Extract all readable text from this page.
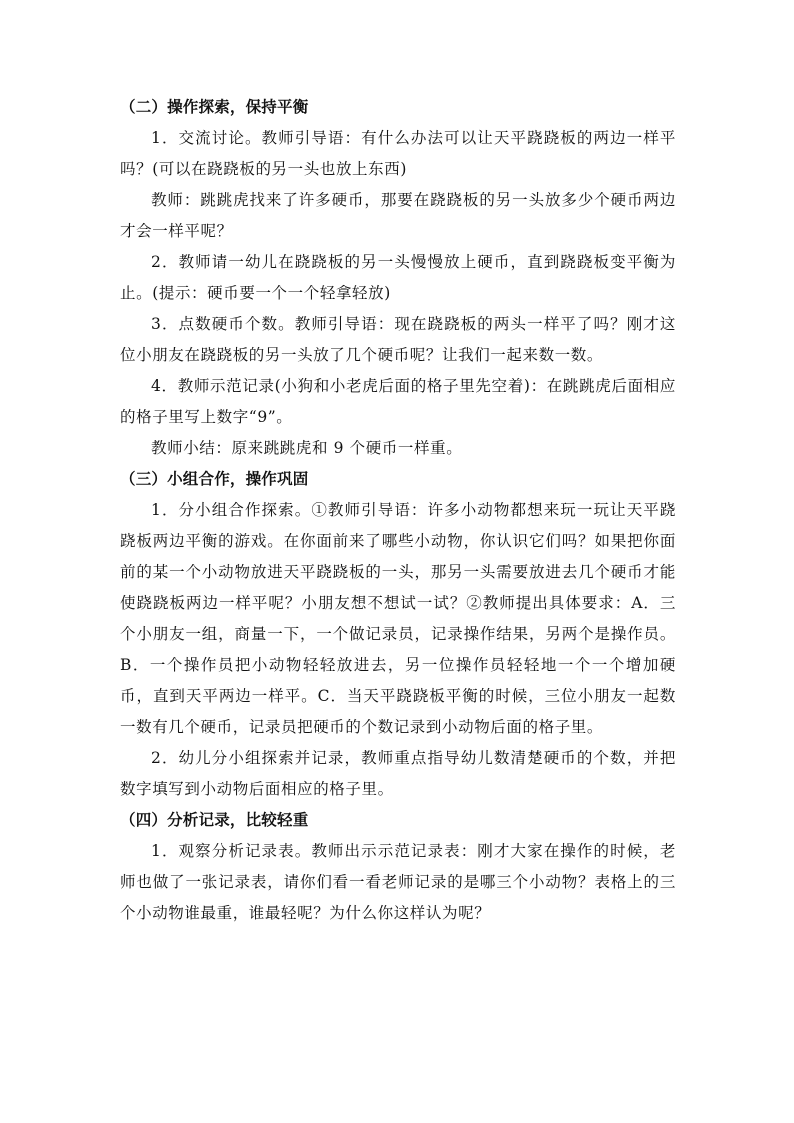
（二）操作探索，保持平衡

1．交流讨论。教师引导语：有什么办法可以让天平跷跷板的两边一样平吗？(可以在跷跷板的另一头也放上东西)

教师：跳跳虎找来了许多硬币，那要在跷跷板的另一头放多少个硬币两边才会一样平呢？

2．教师请一幼儿在跷跷板的另一头慢慢放上硬币，直到跷跷板变平衡为止。(提示：硬币要一个一个轻拿轻放)

3．点数硬币个数。教师引导语：现在跷跷板的两头一样平了吗？刚才这位小朋友在跷跷板的另一头放了几个硬币呢？让我们一起来数一数。

4．教师示范记录(小狗和小老虎后面的格子里先空着)：在跳跳虎后面相应的格子里写上数字“9”。

教师小结：原来跳跳虎和 9 个硬币一样重。

（三）小组合作，操作巩固

1．分小组合作探索。①教师引导语：许多小动物都想来玩一玩让天平跷跷板两边平衡的游戏。在你面前来了哪些小动物，你认识它们吗？如果把你面前的某一个小动物放进天平跷跷板的一头，那另一头需要放进去几个硬币才能使跷跷板两边一样平呢？小朋友想不想试一试？②教师提出具体要求：A．三个小朋友一组，商量一下，一个做记录员，记录操作结果，另两个是操作员。B．一个操作员把小动物轻轻放进去，另一位操作员轻轻地一个一个增加硬币，直到天平两边一样平。C．当天平跷跷板平衡的时候，三位小朋友一起数一数有几个硬币，记录员把硬币的个数记录到小动物后面的格子里。

2．幼儿分小组探索并记录，教师重点指导幼儿数清楚硬币的个数，并把数字填写到小动物后面相应的格子里。

（四）分析记录，比较轻重

1．观察分析记录表。教师出示示范记录表：刚才大家在操作的时候，老师也做了一张记录表，请你们看一看老师记录的是哪三个小动物？表格上的三个小动物谁最重，谁最轻呢？为什么你这样认为呢？
